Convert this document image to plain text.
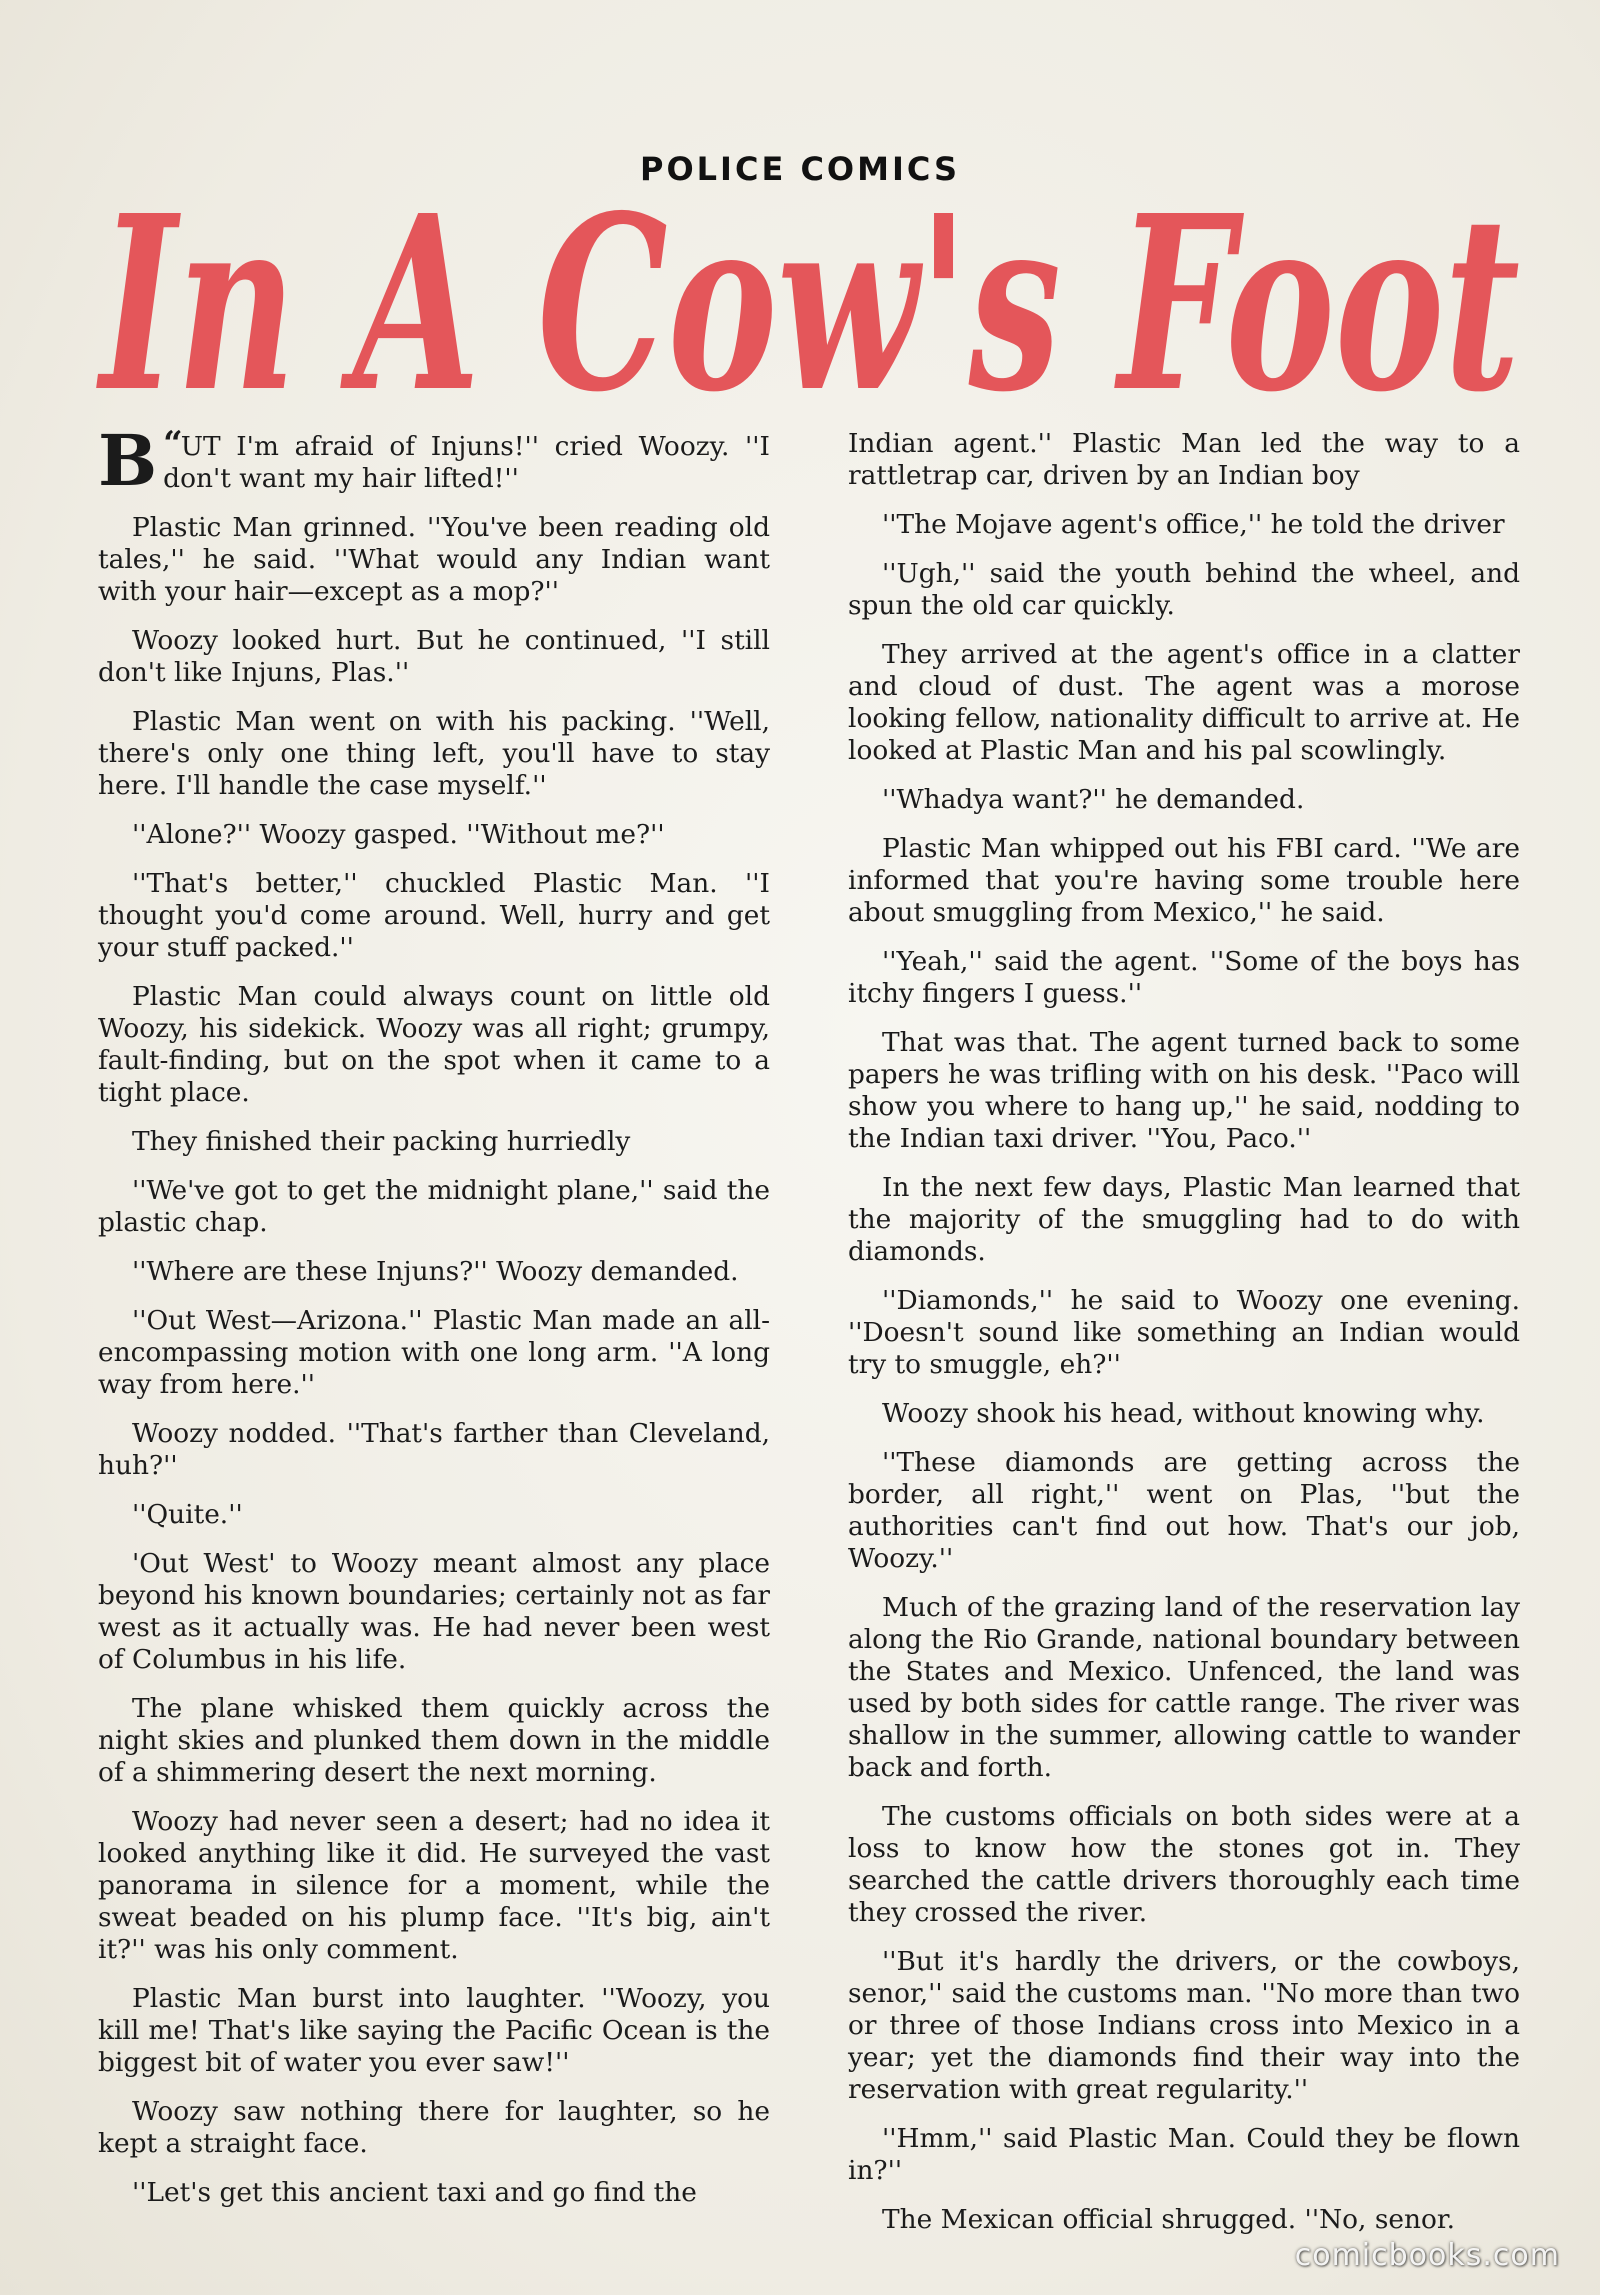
POLICE COMICS
In A Cow's Foot

“
B UT I'm afraid of Injuns!'' cried Woozy. ''I don't want my hair lifted!''

Plastic Man grinned. ''You've been reading old tales,'' he said. ''What would any Indian want with your hair—except as a mop?''

Woozy looked hurt. But he continued, ''I still don't like Injuns, Plas.''

Plastic Man went on with his packing. ''Well, there's only one thing left, you'll have to stay here. I'll handle the case myself.''

''Alone?'' Woozy gasped. ''Without me?''

''That's better,'' chuckled Plastic Man. ''I thought you'd come around. Well, hurry and get your stuff packed.''

Plastic Man could always count on little old Woozy, his sidekick. Woozy was all right; grumpy, fault-finding, but on the spot when it came to a tight place.

They finished their packing hurriedly

''We've got to get the midnight plane,'' said the plastic chap.

''Where are these Injuns?'' Woozy demanded.

''Out West—Arizona.'' Plastic Man made an all-encompassing motion with one long arm. ''A long way from here.''

Woozy nodded. ''That's farther than Cleveland, huh?''

''Quite.''

'Out West' to Woozy meant almost any place beyond his known boundaries; certainly not as far west as it actually was. He had never been west of Columbus in his life.

The plane whisked them quickly across the night skies and plunked them down in the middle of a shimmering desert the next morning.

Woozy had never seen a desert; had no idea it looked anything like it did. He surveyed the vast panorama in silence for a moment, while the sweat beaded on his plump face. ''It's big, ain't it?'' was his only comment.

Plastic Man burst into laughter. ''Woozy, you kill me! That's like saying the Pacific Ocean is the biggest bit of water you ever saw!''

Woozy saw nothing there for laughter, so he kept a straight face.

''Let's get this ancient taxi and go find the

Indian agent.'' Plastic Man led the way to a rattletrap car, driven by an Indian boy

''The Mojave agent's office,'' he told the driver

''Ugh,'' said the youth behind the wheel, and spun the old car quickly.

They arrived at the agent's office in a clatter and cloud of dust. The agent was a morose looking fellow, nationality difficult to arrive at. He looked at Plastic Man and his pal scowlingly.

''Whadya want?'' he demanded.

Plastic Man whipped out his FBI card. ''We are informed that you're having some trouble here about smuggling from Mexico,'' he said.

''Yeah,'' said the agent. ''Some of the boys has itchy fingers I guess.''

That was that. The agent turned back to some papers he was trifling with on his desk. ''Paco will show you where to hang up,'' he said, nodding to the Indian taxi driver. ''You, Paco.''

In the next few days, Plastic Man learned that the majority of the smuggling had to do with diamonds.

''Diamonds,'' he said to Woozy one evening. ''Doesn't sound like something an Indian would try to smuggle, eh?''

Woozy shook his head, without knowing why.

''These diamonds are getting across the border, all right,'' went on Plas, ''but the authorities can't find out how. That's our job, Woozy.''

Much of the grazing land of the reservation lay along the Rio Grande, national boundary between the States and Mexico. Unfenced, the land was used by both sides for cattle range. The river was shallow in the summer, allowing cattle to wander back and forth.

The customs officials on both sides were at a loss to know how the stones got in. They searched the cattle drivers thoroughly each time they crossed the river.

''But it's hardly the drivers, or the cowboys, senor,'' said the customs man. ''No more than two or three of those Indians cross into Mexico in a year; yet the diamonds find their way into the reservation with great regularity.''

''Hmm,'' said Plastic Man. Could they be flown in?''

The Mexican official shrugged. ''No, senor.

comicbooks.com
